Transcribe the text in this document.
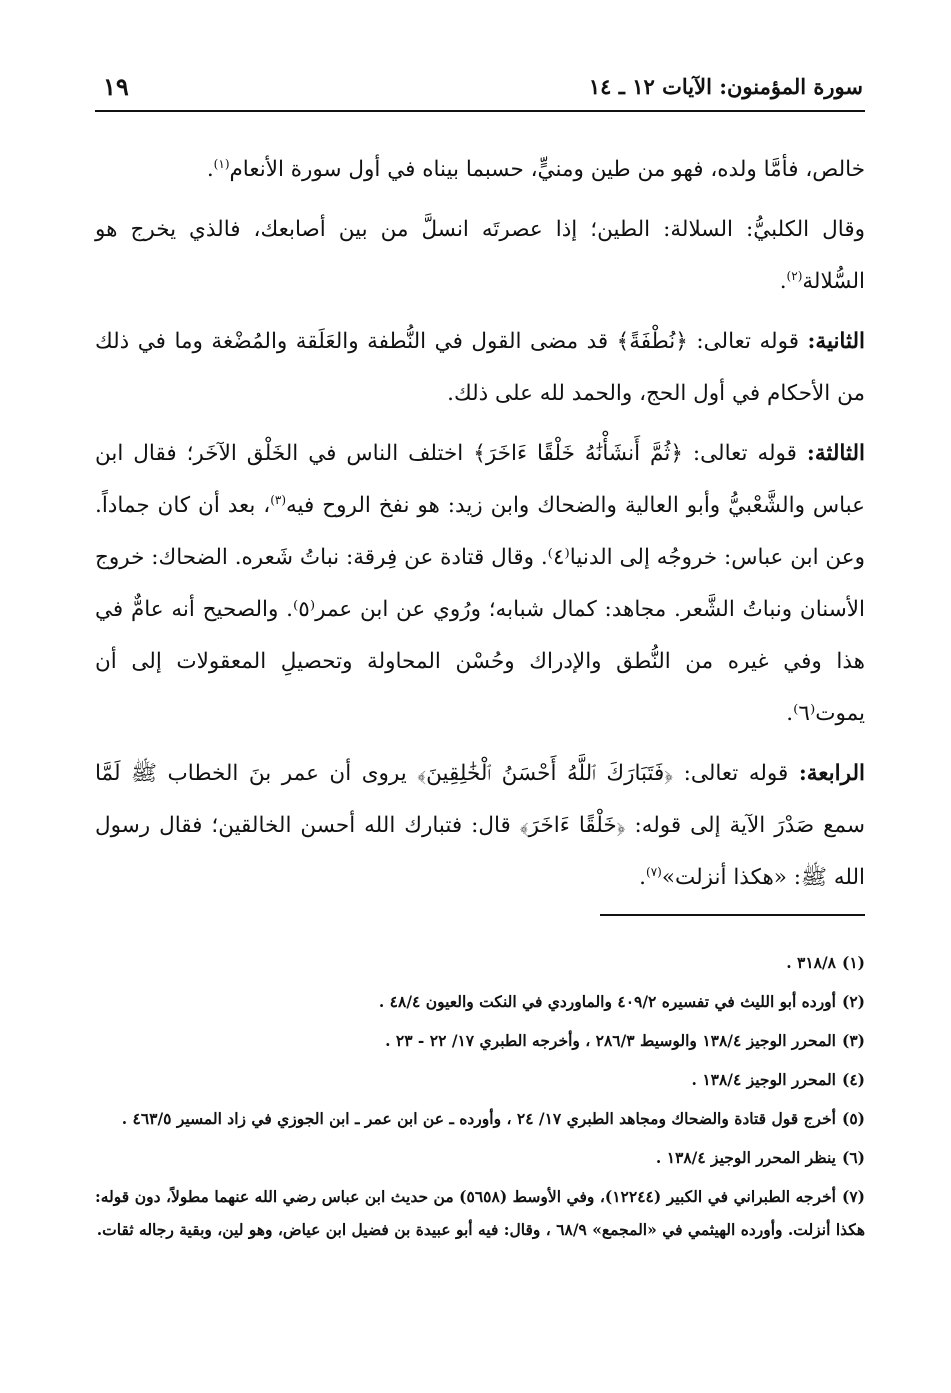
سورة المؤمنون: الآيات ١٢ ـ ١٤
١٩

خالص، فأمَّا ولده، فهو من طين ومنيٍّ، حسبما بيناه في أول سورة الأنعام$^{(١)}$.

وقال الكلبيُّ: السلالة: الطين؛ إذا عصرتَه انسلَّ من بين أصابعك، فالذي يخرج هو السُّلالة$^{(٢)}$.

الثانية: قوله تعالى: ﴿نُطْفَةً﴾ قد مضى القول في النُّطفة والعَلَقة والمُضْغة وما في ذلك من الأحكام في أول الحج، والحمد لله على ذلك.

الثالثة: قوله تعالى: ﴿ثُمَّ أَنشَأْنَٰهُ خَلْقًا ءَاخَرَ﴾ اختلف الناس في الخَلْق الآخَر؛ فقال ابن عباس والشَّعْبيُّ وأبو العالية والضحاك وابن زيد: هو نفخ الروح فيه$^{(٣)}$، بعد أن كان جماداً. وعن ابن عباس: خروجُه إلى الدنيا⁽٤⁾. وقال قتادة عن فِرقة: نباتُ شَعره. الضحاك: خروج الأسنان ونباتُ الشَّعر. مجاهد: كمال شبابه؛ ورُوي عن ابن عمر⁽٥⁾. والصحيح أنه عامٌّ في هذا وفي غيره من النُّطق والإدراك وحُسْن المحاولة وتحصيلِ المعقولات إلى أن يموت⁽٦⁾.

الرابعة: قوله تعالى: ﴿فَتَبَارَكَ ٱللَّهُ أَحْسَنُ ٱلْخَٰلِقِينَ﴾ يروى أن عمر بنَ الخطاب ﷺ لَمَّا سمع صَدْرَ الآية إلى قوله: ﴿خَلْقًا ءَاخَرَ﴾ قال: فتبارك الله أحسن الخالقين؛ فقال رسول الله ﷺ: «هكذا أنزلت»$^{(٧)}$.

(١)٣١٨/٨ .

(٢)أورده أبو الليث في تفسيره ٤٠٩/٢ والماوردي في النكت والعيون ٤٨/٤ .

(٣)المحرر الوجيز ١٣٨/٤ والوسيط ٢٨٦/٣ ، وأخرجه الطبري ١٧/ ٢٢ - ٢٣ .

(٤)المحرر الوجيز ١٣٨/٤ .

(٥)أخرج قول قتادة والضحاك ومجاهد الطبري ١٧/ ٢٤ ، وأورده ـ عن ابن عمر ـ ابن الجوزي في زاد المسير ٤٦٣/٥ .

(٦)ينظر المحرر الوجيز ١٣٨/٤ .

(٧)أخرجه الطبراني في الكبير (١٢٢٤٤)، وفي الأوسط (٥٦٥٨) من حديث ابن عباس رضي الله عنهما مطولاً، دون قوله: هكذا أنزلت. وأورده الهيثمي في «المجمع» ٦٨/٩ ، وقال: فيه أبو عبيدة بن فضيل ابن عياض، وهو لين، وبقية رجاله ثقات.
